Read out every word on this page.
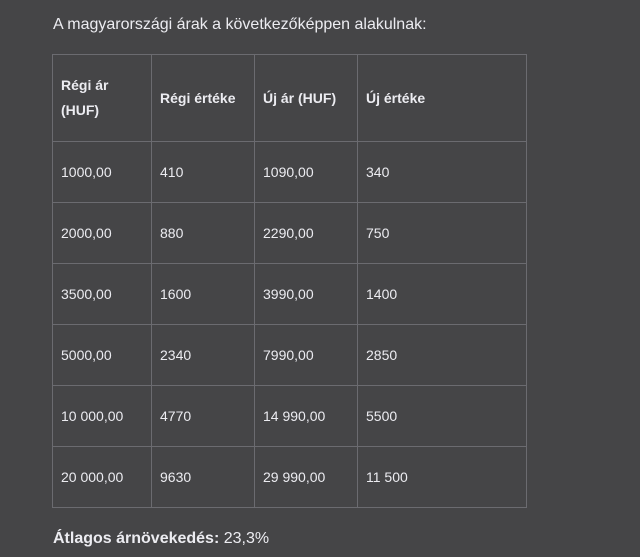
A magyarországi árak a következőképpen alakulnak:
Régi ár (HUF)	Régi értéke	Új ár (HUF)	Új értéke
1000,00	410	1090,00	340
2000,00	880	2290,00	750
3500,00	1600	3990,00	1400
5000,00	2340	7990,00	2850
10 000,00	4770	14 990,00	5500
20 000,00	9630	29 990,00	11 500
Átlagos árnövekedés: 23,3%
